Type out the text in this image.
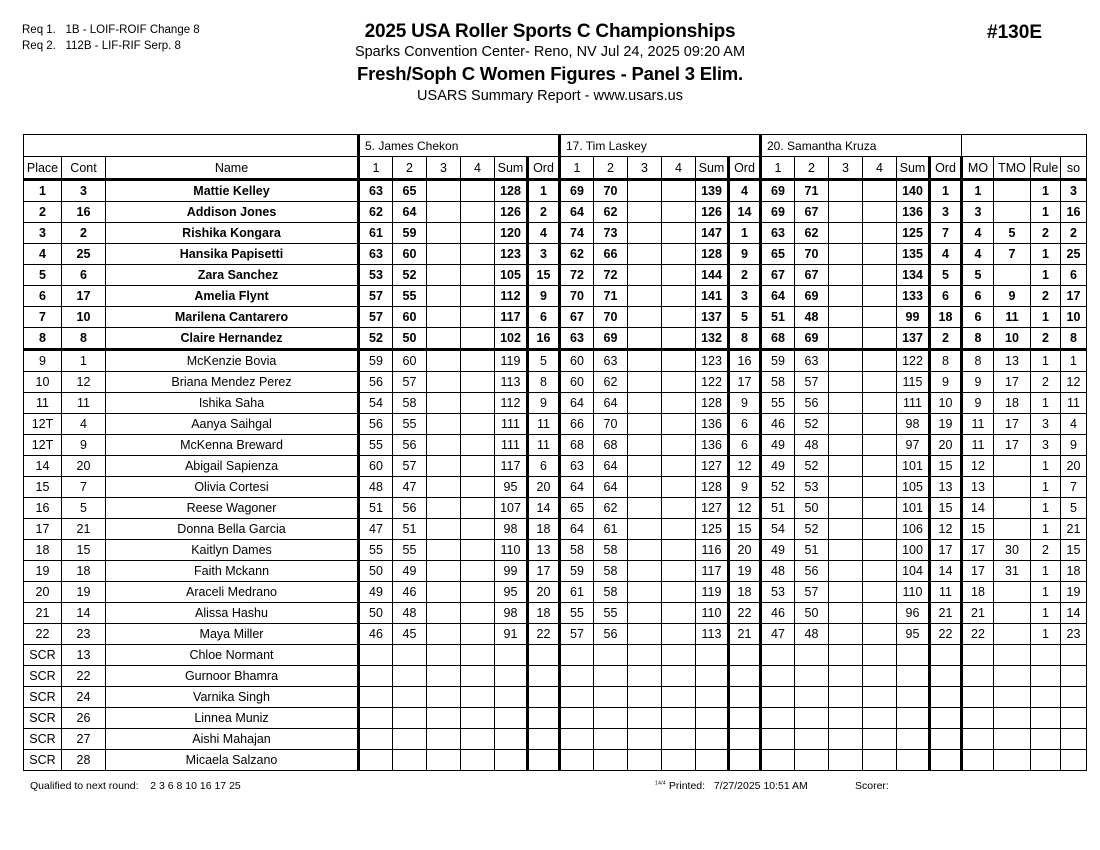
Req 1. 1B - LOIF-ROIF Change 8
Req 2. 112B - LIF-RIF Serp. 8
2025 USA Roller Sports C Championships
Sparks Convention Center- Reno, NV Jul 24, 2025 09:20 AM
Fresh/Soph C Women Figures - Panel 3 Elim.
USARS Summary Report - www.usars.us
#130E
			5. James Chekon						17. Tim Laskey						20. Samantha Kruza									
Place	Cont	Name	1	2	3	4	Sum	Ord	1	2	3	4	Sum	Ord	1	2	3	4	Sum	Ord	MO	TMO	Rule	so
1	3	Mattie Kelley	63	65			128	1	69	70			139	4	69	71			140	1	1		1	3
2	16	Addison Jones	62	64			126	2	64	62			126	14	69	67			136	3	3		1	16
3	2	Rishika Kongara	61	59			120	4	74	73			147	1	63	62			125	7	4	5	2	2
4	25	Hansika Papisetti	63	60			123	3	62	66			128	9	65	70			135	4	4	7	1	25
5	6	Zara Sanchez	53	52			105	15	72	72			144	2	67	67			134	5	5		1	6
6	17	Amelia Flynt	57	55			112	9	70	71			141	3	64	69			133	6	6	9	2	17
7	10	Marilena Cantarero	57	60			117	6	67	70			137	5	51	48			99	18	6	11	1	10
8	8	Claire Hernandez	52	50			102	16	63	69			132	8	68	69			137	2	8	10	2	8
9	1	McKenzie Bovia	59	60			119	5	60	63			123	16	59	63			122	8	8	13	1	1
10	12	Briana Mendez Perez	56	57			113	8	60	62			122	17	58	57			115	9	9	17	2	12
11	11	Ishika Saha	54	58			112	9	64	64			128	9	55	56			111	10	9	18	1	11
12T	4	Aanya Saihgal	56	55			111	11	66	70			136	6	46	52			98	19	11	17	3	4
12T	9	McKenna Breward	55	56			111	11	68	68			136	6	49	48			97	20	11	17	3	9
14	20	Abigail Sapienza	60	57			117	6	63	64			127	12	49	52			101	15	12		1	20
15	7	Olivia Cortesi	48	47			95	20	64	64			128	9	52	53			105	13	13		1	7
16	5	Reese Wagoner	51	56			107	14	65	62			127	12	51	50			101	15	14		1	5
17	21	Donna Bella Garcia	47	51			98	18	64	61			125	15	54	52			106	12	15		1	21
18	15	Kaitlyn Dames	55	55			110	13	58	58			116	20	49	51			100	17	17	30	2	15
19	18	Faith Mckann	50	49			99	17	59	58			117	19	48	56			104	14	17	31	1	18
20	19	Araceli Medrano	49	46			95	20	61	58			119	18	53	57			110	11	18		1	19
21	14	Alissa Hashu	50	48			98	18	55	55			110	22	46	50			96	21	21		1	14
22	23	Maya Miller	46	45			91	22	57	56			113	21	47	48			95	22	22		1	23
SCR	13	Chloe Normant																						
SCR	22	Gurnoor Bhamra																						
SCR	24	Varnika Singh																						
SCR	26	Linnea Muniz																						
SCR	27	Aishi Mahajan																						
SCR	28	Micaela Salzano																						
Qualified to next round: 2 3 6 8 10 16 17 25	$^{14/4}$ Printed: 7/27/2025 10:51 AM	Scorer:
